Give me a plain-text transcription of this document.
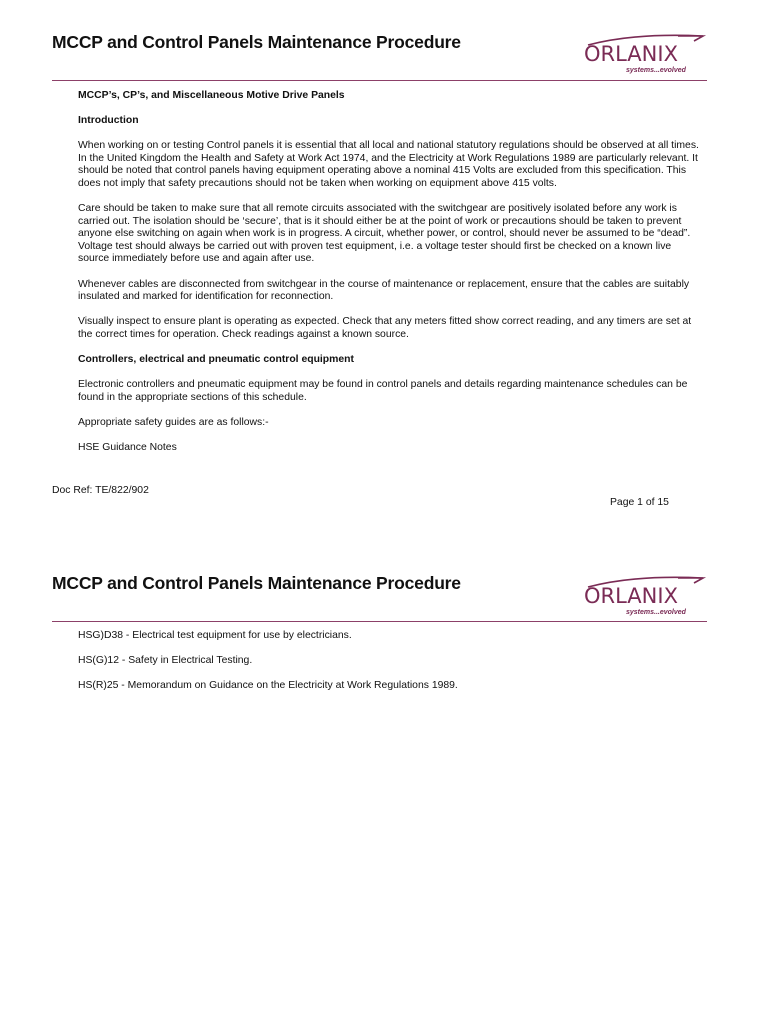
MCCP and Control Panels Maintenance Procedure	ORLANIX
systems...evolved
MCCP’s, CP’s, and Miscellaneous Motive Drive Panels
Introduction

When working on or testing Control panels it is essential that all local and national statutory regulations should be observed at all times. In the United Kingdom the Health and Safety at Work Act 1974, and the Electricity at Work Regulations 1989 are particularly relevant. It should be noted that control panels having equipment operating above a nominal 415 Volts are excluded from this specification. This does not imply that safety precautions should not be taken when working on equipment above 415 volts.

Care should be taken to make sure that all remote circuits associated with the switchgear are positively isolated before any work is carried out. The isolation should be ‘secure’, that is it should either be at the point of work or precautions should be taken to prevent anyone else switching on again when work is in progress. A circuit, whether power, or control, should never be assumed to be “dead”. Voltage test should always be carried out with proven test equipment, i.e. a voltage tester should first be checked on a known live source immediately before use and again after use.

Whenever cables are disconnected from switchgear in the course of maintenance or replacement, ensure that the cables are suitably insulated and marked for identification for reconnection.

Visually inspect to ensure plant is operating as expected. Check that any meters fitted show correct reading, and any timers are set at the correct times for operation. Check readings against a known source.

Controllers, electrical and pneumatic control equipment

Electronic controllers and pneumatic equipment may be found in control panels and details regarding maintenance schedules can be found in the appropriate sections of this schedule.

Appropriate safety guides are as follows:-

HSE Guidance Notes

Doc Ref: TE/822/902

Page 1 of 15

MCCP and Control Panels Maintenance Procedure
ORLANIX
systems...evolved

HSG)D38 - Electrical test equipment for use by electricians.

HS(G)12 - Safety in Electrical Testing.

HS(R)25 - Memorandum on Guidance on the Electricity at Work Regulations 1989.
